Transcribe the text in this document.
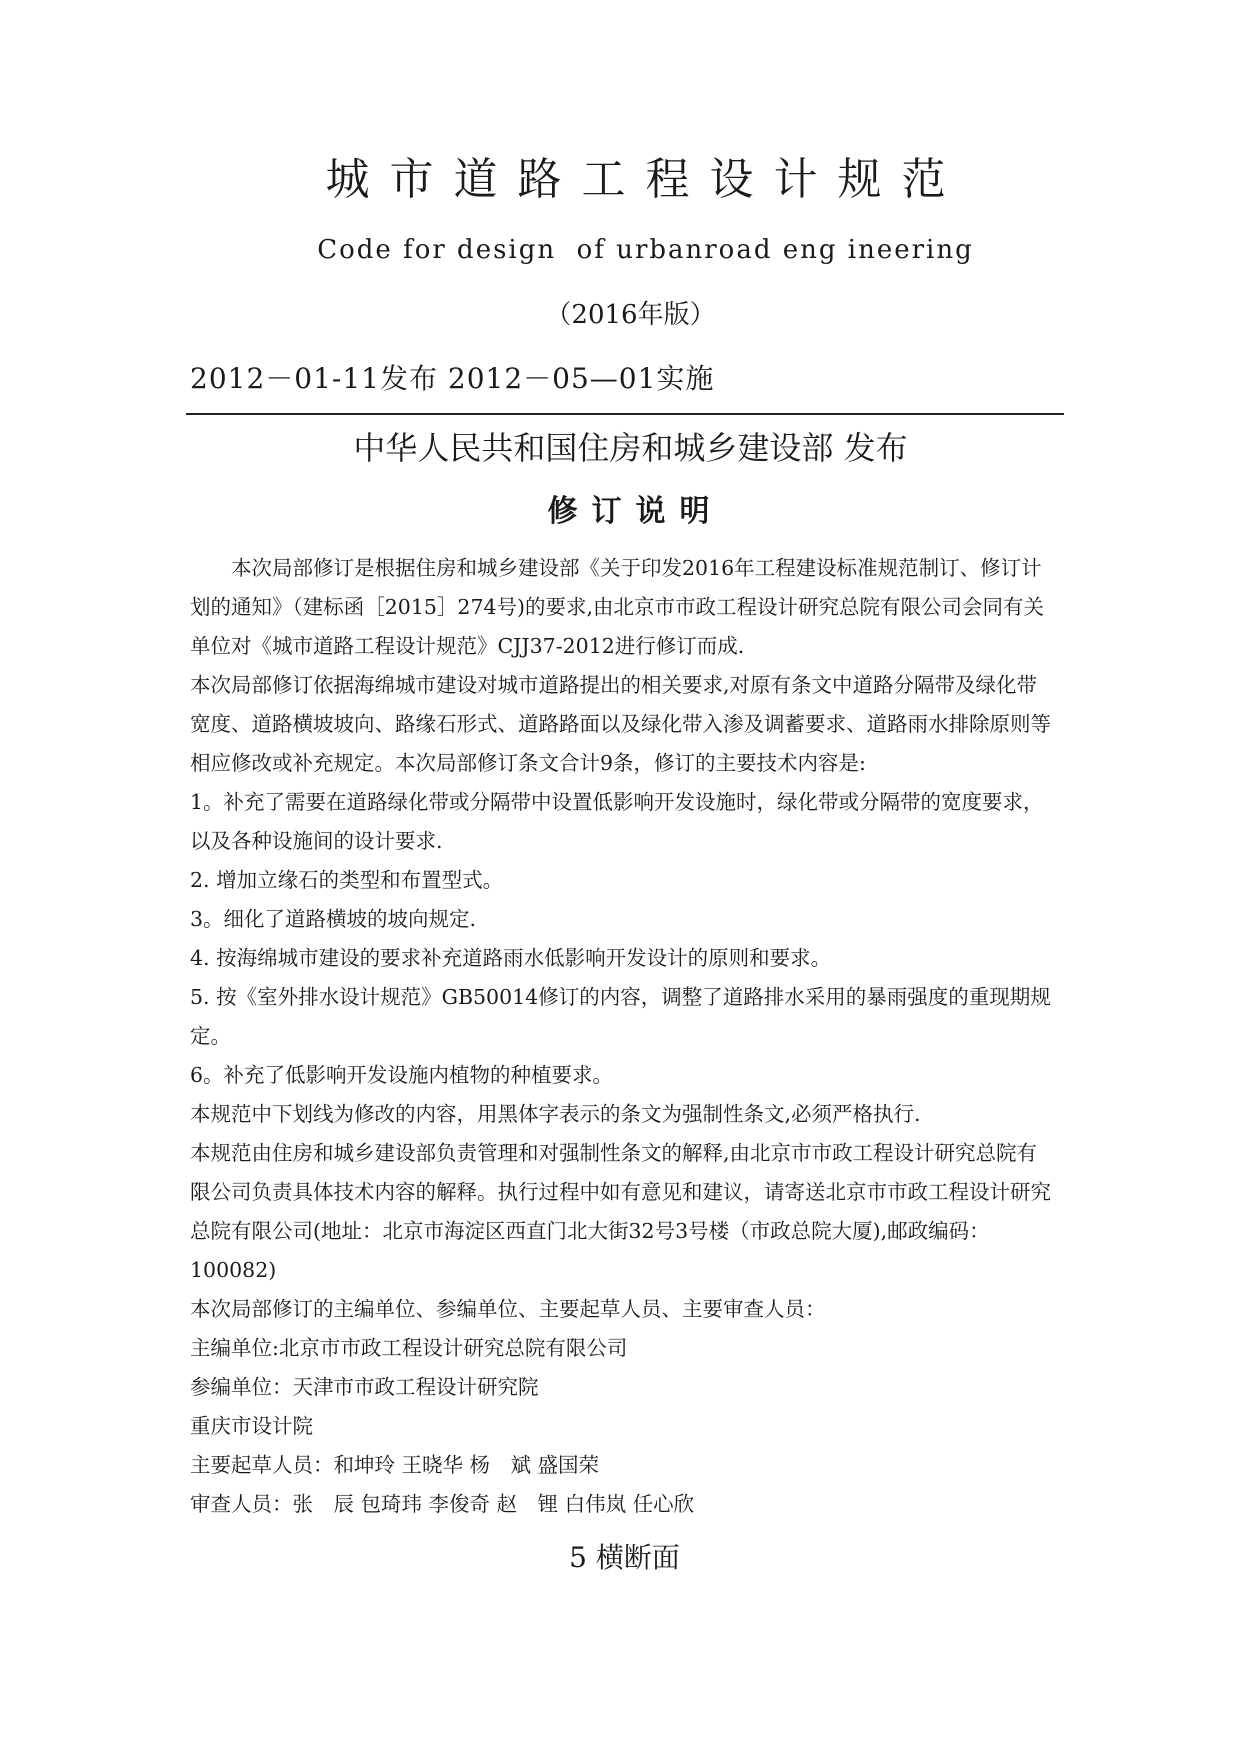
城市道路工程设计规范
Code for design  of urbanroad eng ineering
（2016年版）
2012－01-11发布 2012－05—01实施
中华人民共和国住房和城乡建设部 发布
修订说明

本次局部修订是根据住房和城乡建设部《关于印发2016年工程建设标准规范制订、修订计划的通知》（建标函［2015］274号)的要求,由北京市市政工程设计研究总院有限公司会同有关单位对《城市道路工程设计规范》CJJ37-2012进行修订而成.

本次局部修订依据海绵城市建设对城市道路提出的相关要求,对原有条文中道路分隔带及绿化带宽度、道路横坡坡向、路缘石形式、道路路面以及绿化带入渗及调蓄要求、道路雨水排除原则等相应修改或补充规定。本次局部修订条文合计9条，修订的主要技术内容是:

1。补充了需要在道路绿化带或分隔带中设置低影响开发设施时，绿化带或分隔带的宽度要求，以及各种设施间的设计要求.

2. 增加立缘石的类型和布置型式。

3。细化了道路横坡的坡向规定.

4. 按海绵城市建设的要求补充道路雨水低影响开发设计的原则和要求。

5. 按《室外排水设计规范》GB50014修订的内容，调整了道路排水采用的暴雨强度的重现期规定。

6。补充了低影响开发设施内植物的种植要求。

本规范中下划线为修改的内容，用黑体字表示的条文为强制性条文,必须严格执行.

本规范由住房和城乡建设部负责管理和对强制性条文的解释,由北京市市政工程设计研究总院有限公司负责具体技术内容的解释。执行过程中如有意见和建议，请寄送北京市市政工程设计研究总院有限公司(地址：北京市海淀区西直门北大街32号3号楼（市政总院大厦),邮政编码：100082)

本次局部修订的主编单位、参编单位、主要起草人员、主要审查人员：

主编单位:北京市市政工程设计研究总院有限公司

参编单位：天津市市政工程设计研究院

重庆市设计院

主要起草人员：和坤玲 王晓华 杨　斌 盛国荣

审查人员：张　辰 包琦玮 李俊奇 赵　锂 白伟岚 任心欣

5 横断面
